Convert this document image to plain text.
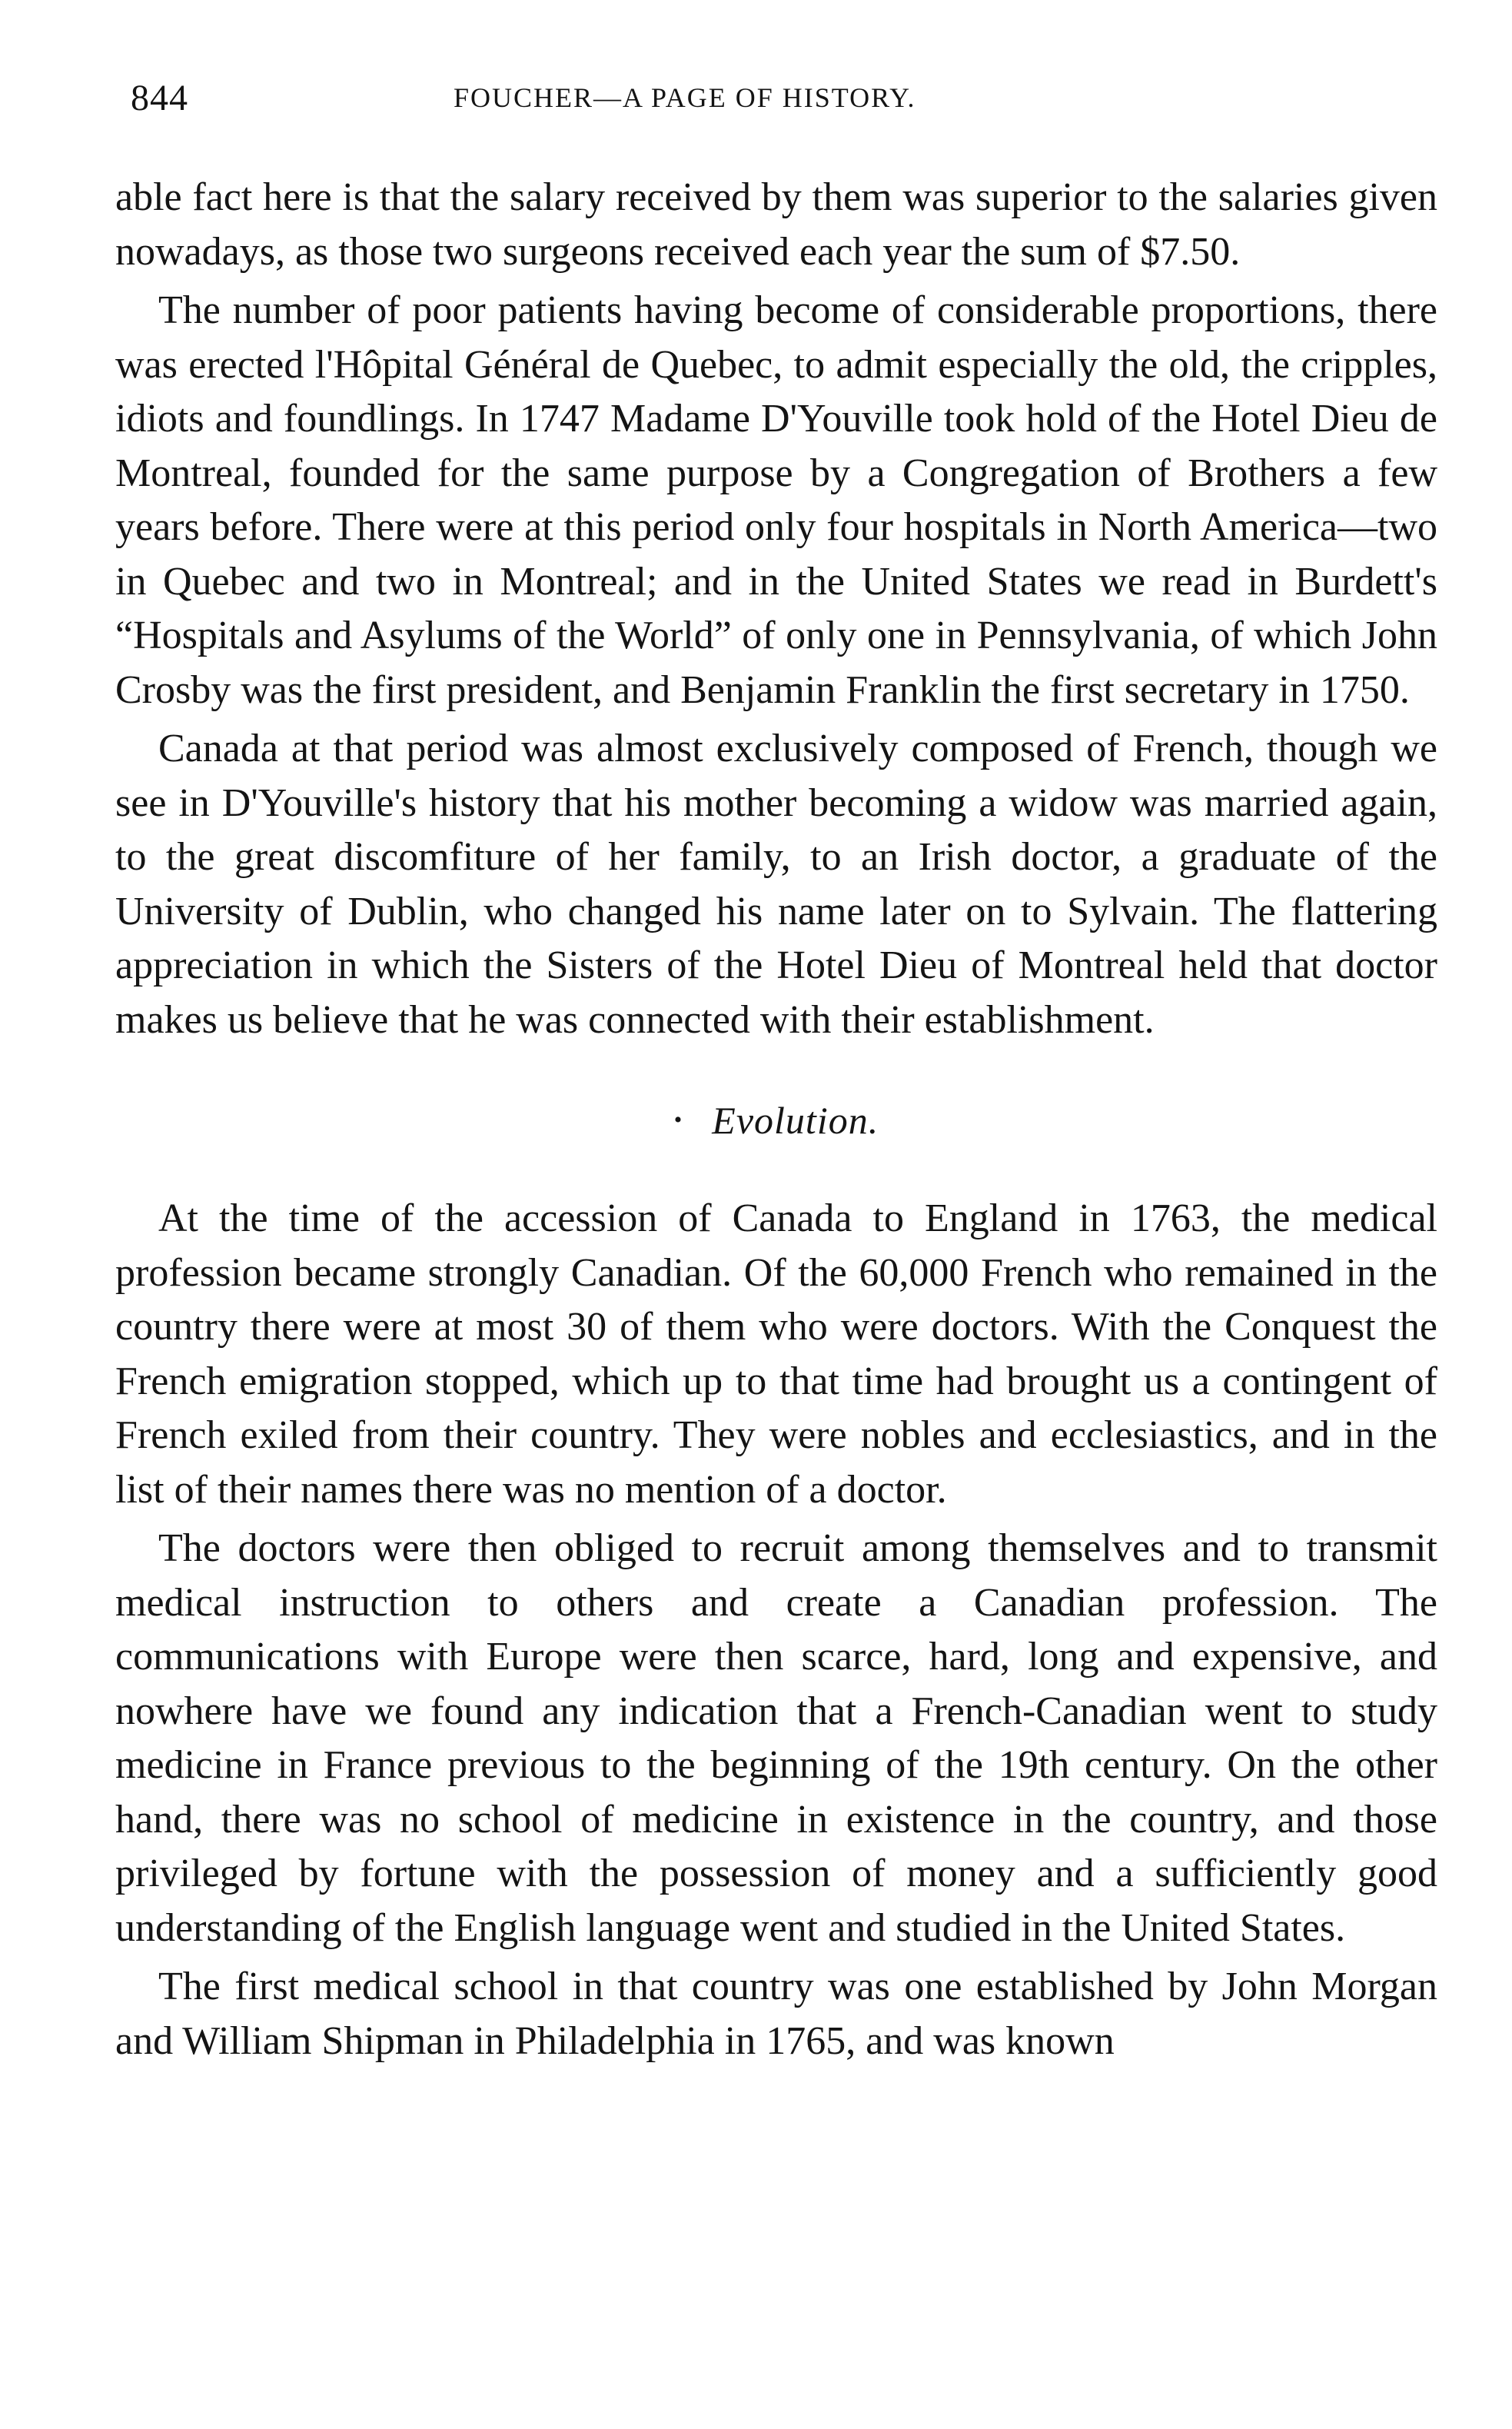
844	FOUCHER—A PAGE OF HISTORY.

able fact here is that the salary received by them was superior to the salaries given nowadays, as those two surgeons received each year the sum of $7.50.

The number of poor patients having become of considerable proportions, there was erected l'Hôpital Général de Quebec, to admit especially the old, the cripples, idiots and foundlings. In 1747 Madame D'Youville took hold of the Hotel Dieu de Montreal, founded for the same purpose by a Congregation of Brothers a few years before. There were at this period only four hospitals in North America—two in Quebec and two in Montreal; and in the United States we read in Burdett's “Hospitals and Asylums of the World” of only one in Pennsylvania, of which John Crosby was the first president, and Benjamin Franklin the first secretary in 1750.

Canada at that period was almost exclusively composed of French, though we see in D'Youville's history that his mother becoming a widow was married again, to the great discomfiture of her family, to an Irish doctor, a graduate of the University of Dublin, who changed his name later on to Sylvain. The flattering appreciation in which the Sisters of the Hotel Dieu of Montreal held that doctor makes us believe that he was connected with their establishment.

• Evolution.

At the time of the accession of Canada to England in 1763, the medical profession became strongly Canadian. Of the 60,000 French who remained in the country there were at most 30 of them who were doctors. With the Conquest the French emigration stopped, which up to that time had brought us a contingent of French exiled from their country. They were nobles and ecclesiastics, and in the list of their names there was no mention of a doctor.

The doctors were then obliged to recruit among themselves and to transmit medical instruction to others and create a Canadian profession. The communications with Europe were then scarce, hard, long and expensive, and nowhere have we found any indication that a French-Canadian went to study medicine in France previous to the beginning of the 19th century. On the other hand, there was no school of medicine in existence in the country, and those privileged by fortune with the possession of money and a sufficiently good understanding of the English language went and studied in the United States.

The first medical school in that country was one established by John Morgan and William Shipman in Philadelphia in 1765, and was known
